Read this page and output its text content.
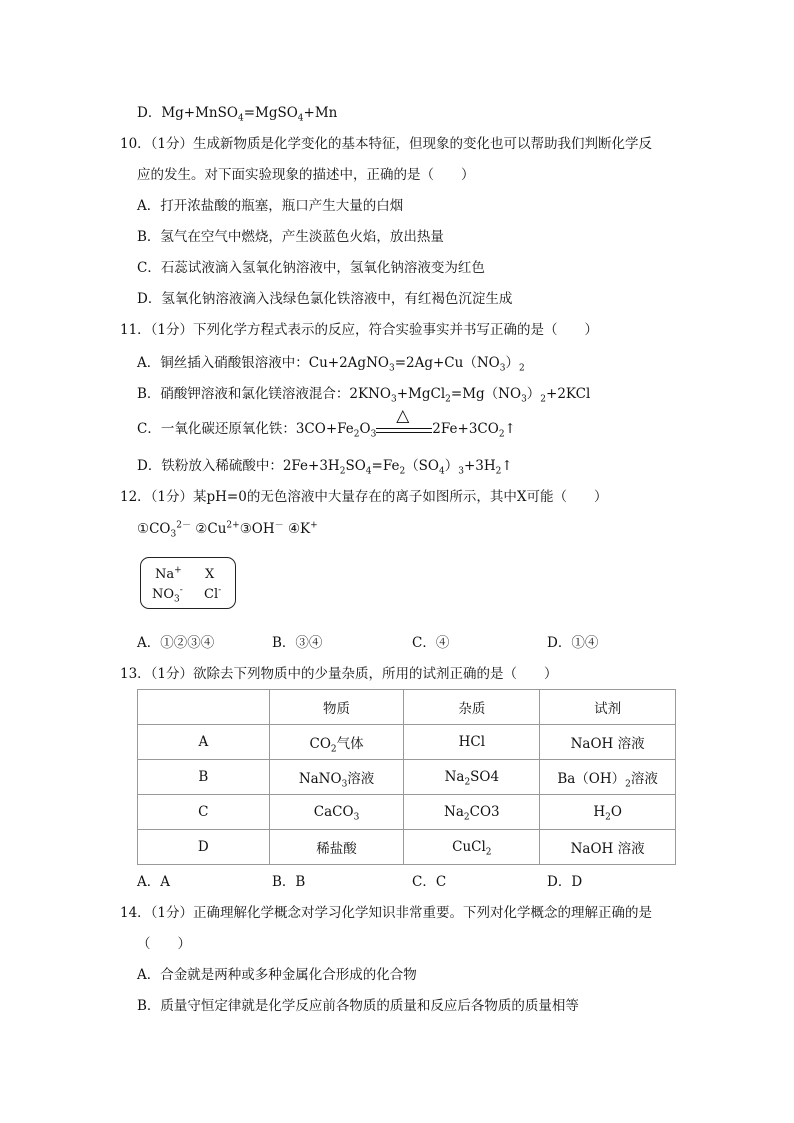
D．Mg+MnSO$_4$=MgSO$_4$+Mn
10．（1分）生成新物质是化学变化的基本特征，但现象的变化也可以帮助我们判断化学反
应的发生。对下面实验现象的描述中，正确的是（　　）
A．打开浓盐酸的瓶塞，瓶口产生大量的白烟
B．氢气在空气中燃烧，产生淡蓝色火焰，放出热量
C．石蕊试液滴入氢氧化钠溶液中，氢氧化钠溶液变为红色
D．氢氧化钠溶液滴入浅绿色氯化铁溶液中，有红褐色沉淀生成
11．（1分）下列化学方程式表示的反应，符合实验事实并书写正确的是（　　）
A．铜丝插入硝酸银溶液中：$Cu+2AgNO_3=2Ag+Cu(NO_3)_2$
B．硝酸钾溶液和氯化镁溶液混合：$2KNO_3+MgCl_2=Mg(NO_3)_2+2KCl$
C．一氧化碳还原氧化铁：$3CO+Fe_2O_3$
△
$2Fe+3CO_2↑$
D．铁粉放入稀硫酸中：$2Fe+3H_2SO_4=Fe_2(SO_4)_3+3H_2↑$
12．（1分）某pH=0的无色溶液中大量存在的离子如图所示，其中X可能（　　）
$①CO_3^{2-}$ $②Cu^{2+}③OH^-$ ④K+
Na+ X
$NO_3^-$ Cl-
A．①②③④	B．③④	C．④	D．①④
13．（1分）欲除去下列物质中的少量杂质，所用的试剂正确的是（　　）
	物质	杂质	试剂
A	$CO_2$气体	HCl	NaOH 溶液
B	NaNO$_3$溶液	$Na_2SO4$	$Ba(OH)_2$溶液
C	CaCO$_3$	$Na_2CO3$	$H_2O$
D	稀盐酸	CuCl$_2$	NaOH 溶液
A．A	B．B	C．C	D．D
14．（1分）正确理解化学概念对学习化学知识非常重要。下列对化学概念的理解正确的是
（　　）
A．合金就是两种或多种金属化合形成的化合物
B．质量守恒定律就是化学反应前各物质的质量和反应后各物质的质量相等
